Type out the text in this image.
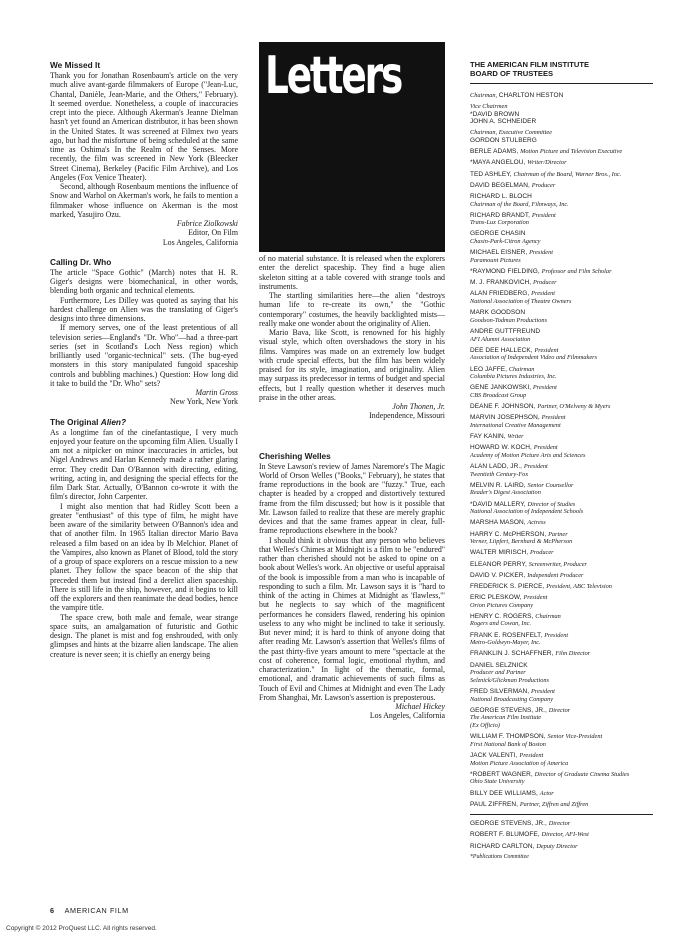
Letters
We Missed It

Thank you for Jonathan Rosenbaum's article on the very much alive avant-garde filmmakers of Europe ("Jean-Luc, Chantal, Danièle, Jean-Marie, and the Others," February). It seemed overdue. Nonetheless, a couple of inaccuracies crept into the piece. Although Akerman's Jeanne Dielman hasn't yet found an American distributor, it has been shown in the United States. It was screened at Filmex two years ago, but had the misfortune of being scheduled at the same time as Oshima's In the Realm of the Senses. More recently, the film was screened in New York (Bleecker Street Cinema), Berkeley (Pacific Film Archive), and Los Angeles (Fox Venice Theater).

Second, although Rosenbaum mentions the influence of Snow and Warhol on Akerman's work, he fails to mention a filmmaker whose influence on Akerman is the most marked, Yasujiro Ozu.

Fabrice Ziolkowski
Editor, On Film
Los Angeles, California
Calling Dr. Who

The article "Space Gothic" (March) notes that H. R. Giger's designs were biomechanical, in other words, blending both organic and technical elements.

Furthermore, Les Dilley was quoted as saying that his hardest challenge on Alien was the translating of Giger's designs into three dimensions.

If memory serves, one of the least pretentious of all television series—England's "Dr. Who"—had a three-part series (set in Scotland's Loch Ness region) which brilliantly used "organic-technical" sets. (The bug-eyed monsters in this story manipulated fungoid spaceship controls and bubbling machines.) Question: How long did it take to build the "Dr. Who" sets?

Martin Gross
New York, New York
The Original Alien?

As a longtime fan of the cinefantastique, I very much enjoyed your feature on the upcoming film Alien. Usually I am not a nitpicker on minor inaccuracies in articles, but Nigel Andrews and Harlan Kennedy made a rather glaring error. They credit Dan O'Bannon with directing, editing, writing, acting in, and designing the special effects for the film Dark Star. Actually, O'Bannon co-wrote it with the film's director, John Carpenter.

I might also mention that had Ridley Scott been a greater "enthusiast" of this type of film, he might have been aware of the similarity between O'Bannon's idea and that of another film. In 1965 Italian director Mario Bava released a film based on an idea by Ib Melchior. Planet of the Vampires, also known as Planet of Blood, told the story of a group of space explorers on a rescue mission to a new planet. They follow the space beacon of the ship that preceded them but instead find a derelict alien spaceship. There is still life in the ship, however, and it begins to kill off the explorers and then reanimate the dead bodies, hence the vampire title.

The space crew, both male and female, wear strange space suits, an amalgamation of futuristic and Gothic design. The planet is mist and fog enshrouded, with only glimpses and hints at the bizarre alien landscape. The alien creature is never seen; it is chiefly an energy being

of no material substance. It is released when the explorers enter the derelict spaceship. They find a huge alien skeleton sitting at a table covered with strange tools and instruments.

The startling similarities here—the alien "destroys human life to re-create its own," the "Gothic contemporary" costumes, the heavily backlighted mists—really make one wonder about the originality of Alien.

Mario Bava, like Scott, is renowned for his highly visual style, which often overshadows the story in his films. Vampires was made on an extremely low budget with crude special effects, but the film has been widely praised for its style, imagination, and originality. Alien may surpass its predecessor in terms of budget and special effects, but I really question whether it deserves much praise in the other areas.

John Thonen, Jr.
Independence, Missouri
Cherishing Welles

In Steve Lawson's review of James Naremore's The Magic World of Orson Welles ("Books," February), he states that frame reproductions in the book are "fuzzy." True, each chapter is headed by a cropped and distortively textured frame from the film discussed; but how is it possible that Mr. Lawson failed to realize that these are merely graphic devices and that the same frames appear in clear, full-frame reproductions elsewhere in the book?

I should think it obvious that any person who believes that Welles's Chimes at Midnight is a film to be "endured" rather than cherished should not be asked to opine on a book about Welles's work. An objective or useful appraisal of the book is impossible from a man who is incapable of responding to such a film. Mr. Lawson says it is "hard to think of the acting in Chimes at Midnight as 'flawless,'" but he neglects to say which of the magnificent performances he considers flawed, rendering his opinion useless to any who might be inclined to take it seriously. But never mind; it is hard to think of anyone doing that after reading Mr. Lawson's assertion that Welles's films of the past thirty-five years amount to mere "spectacle at the cost of coherence, formal logic, emotional rhythm, and characterization." In light of the thematic, formal, emotional, and dramatic achievements of such films as Touch of Evil and Chimes at Midnight and even The Lady From Shanghai, Mr. Lawson's assertion is preposterous.

Michael Hickey
Los Angeles, California
THE AMERICAN FILM INSTITUTE
BOARD OF TRUSTEES
Chairman, CHARLTON HESTON
Vice Chairmen
*DAVID BROWN
JOHN A. SCHNEIDER
Chairman, Executive Committee
GORDON STULBERG
BERLE ADAMS, Motion Picture and Television Executive
*MAYA ANGELOU, Writer/Director
TED ASHLEY, Chairman of the Board, Warner Bros., Inc.
DAVID BEGELMAN, Producer
RICHARD L. BLOCH
Chairman of the Board, Filmways, Inc.
RICHARD BRANDT, President
Trans-Lux Corporation
GEORGE CHASIN
Chasin-Park-Citron Agency
MICHAEL EISNER, President
Paramount Pictures
*RAYMOND FIELDING, Professor and Film Scholar
M. J. FRANKOVICH, Producer
ALAN FRIEDBERG, President
National Association of Theatre Owners
MARK GOODSON
Goodson-Todman Productions
ANDRE GUTTFREUND
AFI Alumni Association
DEE DEE HALLECK, President
Association of Independent Video and Filmmakers
LEO JAFFE, Chairman
Columbia Pictures Industries, Inc.
GENE JANKOWSKI, President
CBS Broadcast Group
DEANE F. JOHNSON, Partner, O'Melveny & Myers
MARVIN JOSEPHSON, President
International Creative Management
FAY KANIN, Writer
HOWARD W. KOCH, President
Academy of Motion Picture Arts and Sciences
ALAN LADD, JR., President
Twentieth Century-Fox
MELVIN R. LAIRD, Senior Counsellor
Reader's Digest Association
*DAVID MALLERY, Director of Studies
National Association of Independent Schools
MARSHA MASON, Actress
HARRY C. McPHERSON, Partner
Verner, Liipfert, Bernhard & McPherson
WALTER MIRISCH, Producer
ELEANOR PERRY, Screenwriter, Producer
DAVID V. PICKER, Independent Producer
FREDERICK S. PIERCE, President, ABC Television
ERIC PLESKOW, President
Orion Pictures Company
HENRY C. ROGERS, Chairman
Rogers and Cowan, Inc.
FRANK E. ROSENFELT, President
Metro-Goldwyn-Mayer, Inc.
FRANKLIN J. SCHAFFNER, Film Director
DANIEL SELZNICK
Producer and Partner
Selznick/Glickman Productions
FRED SILVERMAN, President
National Broadcasting Company
GEORGE STEVENS, JR., Director
The American Film Institute
(Ex Officio)
WILLIAM F. THOMPSON, Senior Vice-President
First National Bank of Boston
JACK VALENTI, President
Motion Picture Association of America
*ROBERT WAGNER, Director of Graduate Cinema Studies
Ohio State University
BILLY DEE WILLIAMS, Actor
PAUL ZIFFREN, Partner, Ziffren and Ziffren
GEORGE STEVENS, JR., Director
ROBERT F. BLUMOFE, Director, AFI-West
RICHARD CARLTON, Deputy Director
*Publications Committee
6 AMERICAN FILM
Copyright © 2012 ProQuest LLC. All rights reserved.
